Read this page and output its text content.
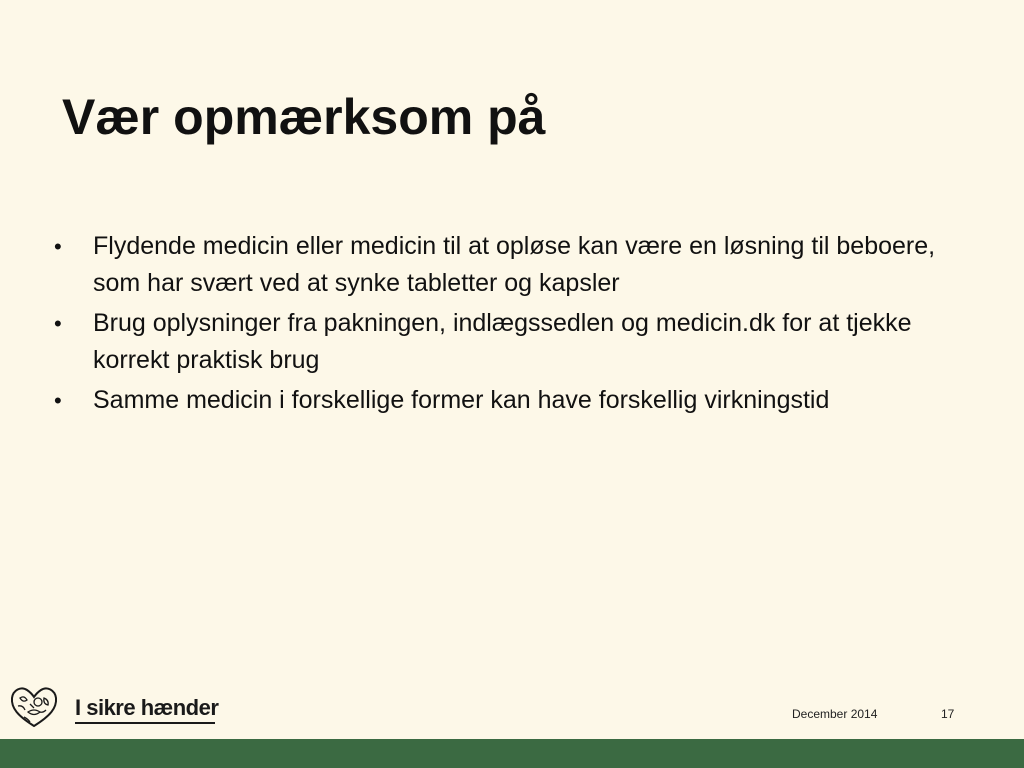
Vær opmærksom på
•	Flydende medicin eller medicin til at opløse kan være en løsning til beboere, som har svært ved at synke tabletter og kapsler
•	Brug oplysninger fra pakningen, indlægssedlen og medicin.dk for at tjekke korrekt praktisk brug
•	Samme medicin i forskellige former kan have forskellig virkningstid
I sikre hænder	December 2014	17
